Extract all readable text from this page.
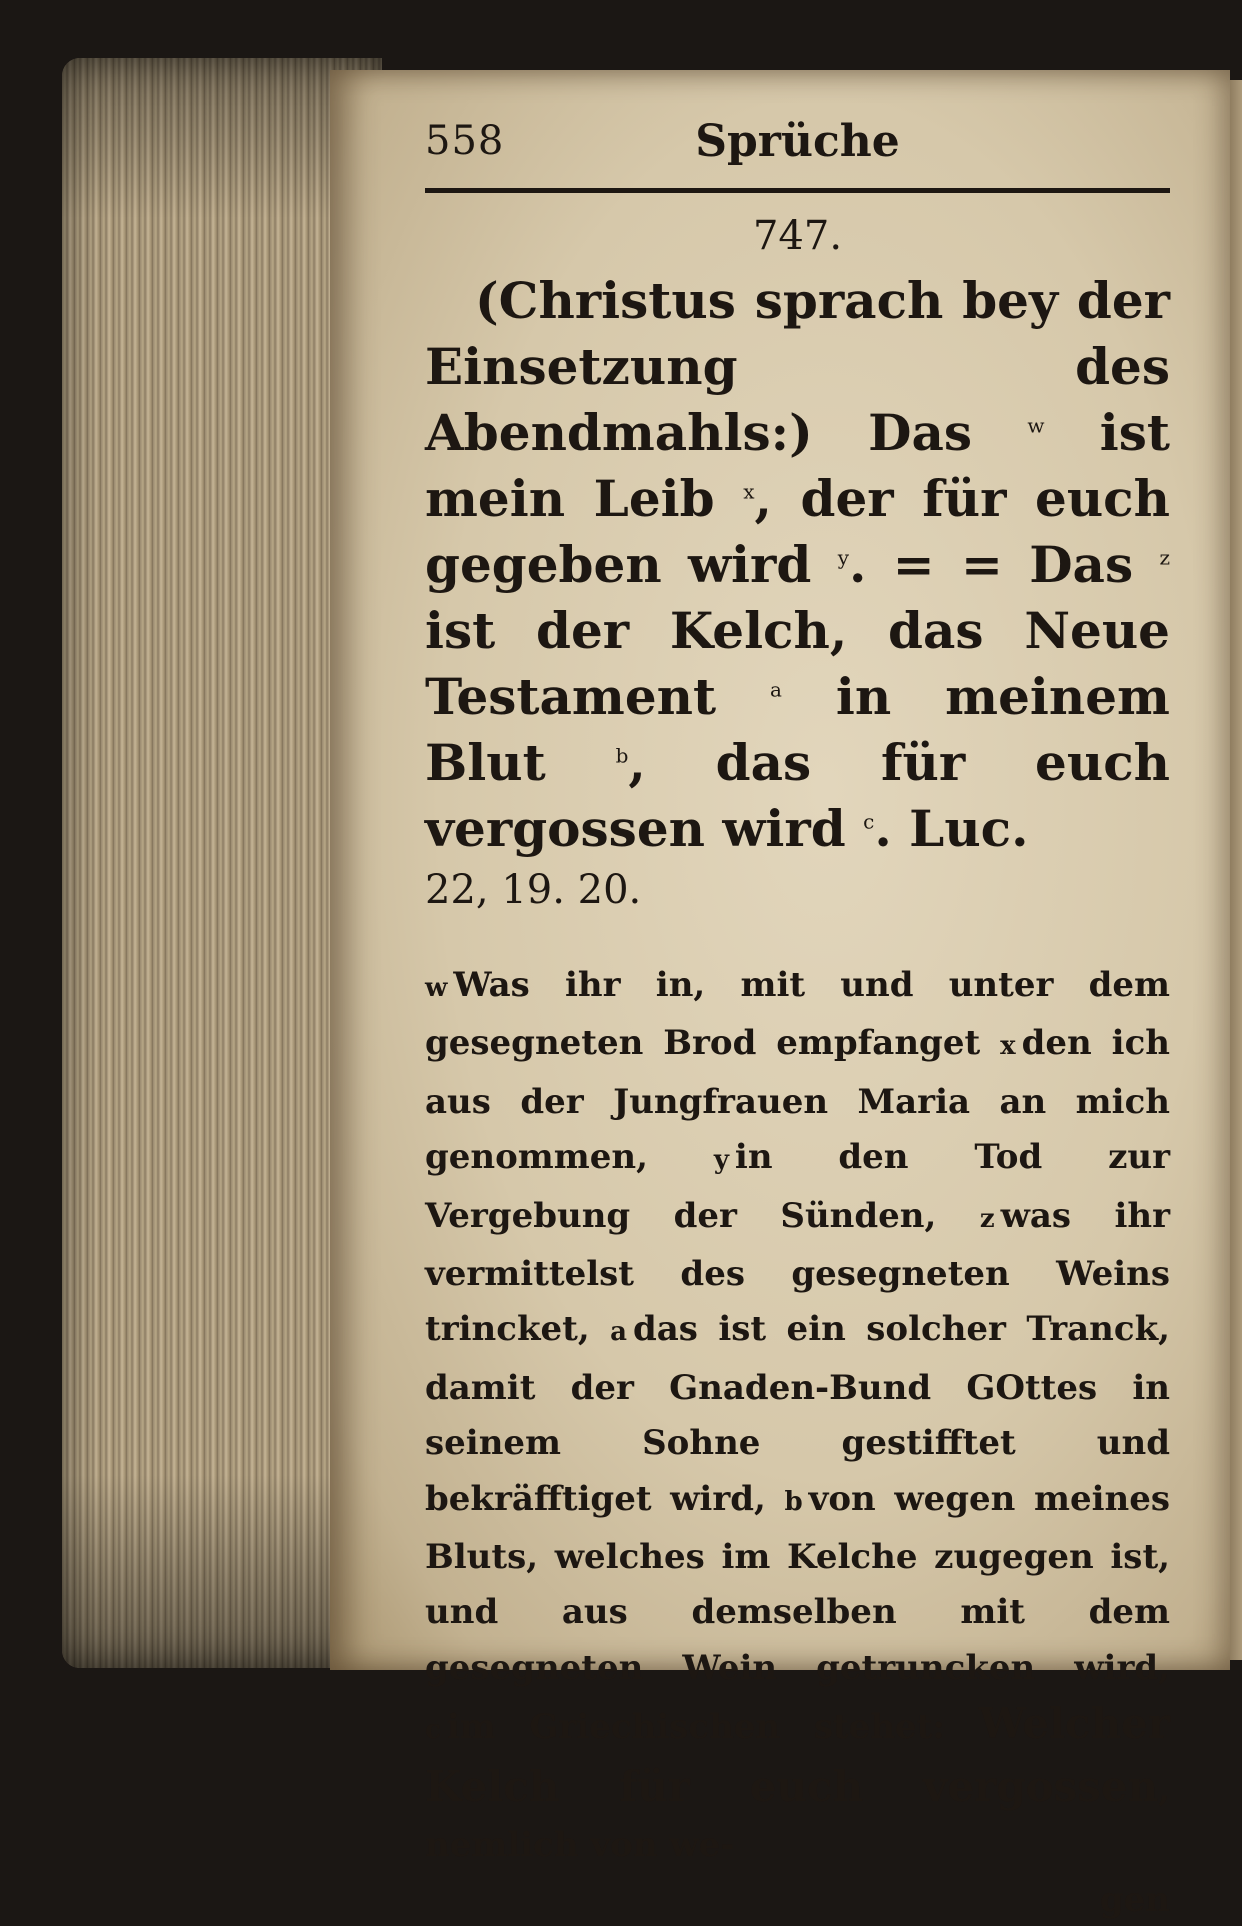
558	Sprüche
747.
(Christus sprach bey der Einsetzung des Abendmahls:) Das	$^w$ ist mein Leib $^x$, der für euch gegeben wird $^y$. = = Das $^z$ ist der Kelch, das Neue Testament	$^a$ in meinem Blut	$^b$, das für euch vergossen wird $^c$. Luc.
22, 19. 20.
w Was ihr in, mit und unter dem gesegneten Brod empfanget x den ich aus der Jungfrauen Maria an mich genommen,	y in den Tod zur Vergebung der Sünden, z was ihr vermittelst des gesegneten Weins trincket, a das ist ein solcher Tranck, damit der Gnaden-Bund GOttes in seinem Sohne gestifftet und bekräfftiget wird, b von wegen meines Bluts, welches im Kelche zugegen ist, und aus demselben mit dem gesegneten Wein getruncken wird, c im Griechischen stehet: Welcher Kelch für euch vergossen, nemlich von we-
gen
